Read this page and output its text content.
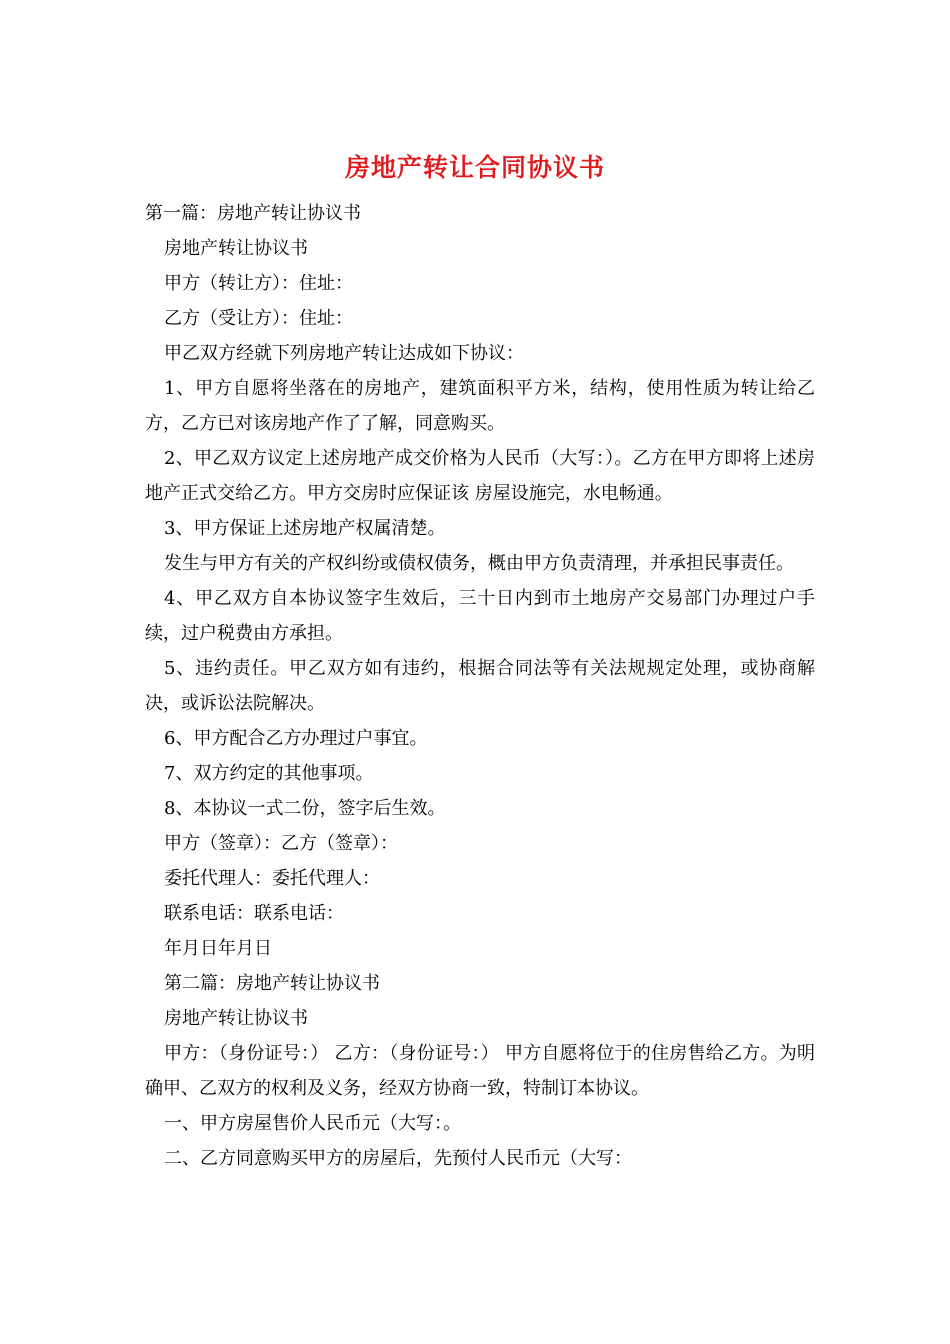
房地产转让合同协议书

第一篇：房地产转让协议书

房地产转让协议书

甲方（转让方）：住址：

乙方（受让方）：住址：

甲乙双方经就下列房地产转让达成如下协议：

1、甲方自愿将坐落在的房地产，建筑面积平方米，结构，使用性质为转让给乙方，乙方已对该房地产作了了解，同意购买。

2、甲乙双方议定上述房地产成交价格为人民币（大写：）。乙方在甲方即将上述房地产正式交给乙方。甲方交房时应保证该 房屋设施完，水电畅通。

3、甲方保证上述房地产权属清楚。

发生与甲方有关的产权纠纷或债权债务，概由甲方负责清理，并承担民事责任。

4、甲乙双方自本协议签字生效后，三十日内到市土地房产交易部门办理过户手续，过户税费由方承担。

5、违约责任。甲乙双方如有违约，根据合同法等有关法规规定处理，或协商解决，或诉讼法院解决。

6、甲方配合乙方办理过户事宜。

7、双方约定的其他事项。

8、本协议一式二份，签字后生效。

甲方（签章）：乙方（签章）：

委托代理人：委托代理人：

联系电话：联系电话：

年月日年月日

第二篇：房地产转让协议书

房地产转让协议书

甲方：（身份证号：） 乙方：（身份证号：） 甲方自愿将位于的住房售给乙方。为明确甲、乙双方的权利及义务，经双方协商一致，特制订本协议。

一、甲方房屋售价人民币元（大写：。

二、乙方同意购买甲方的房屋后，先预付人民币元（大写：
